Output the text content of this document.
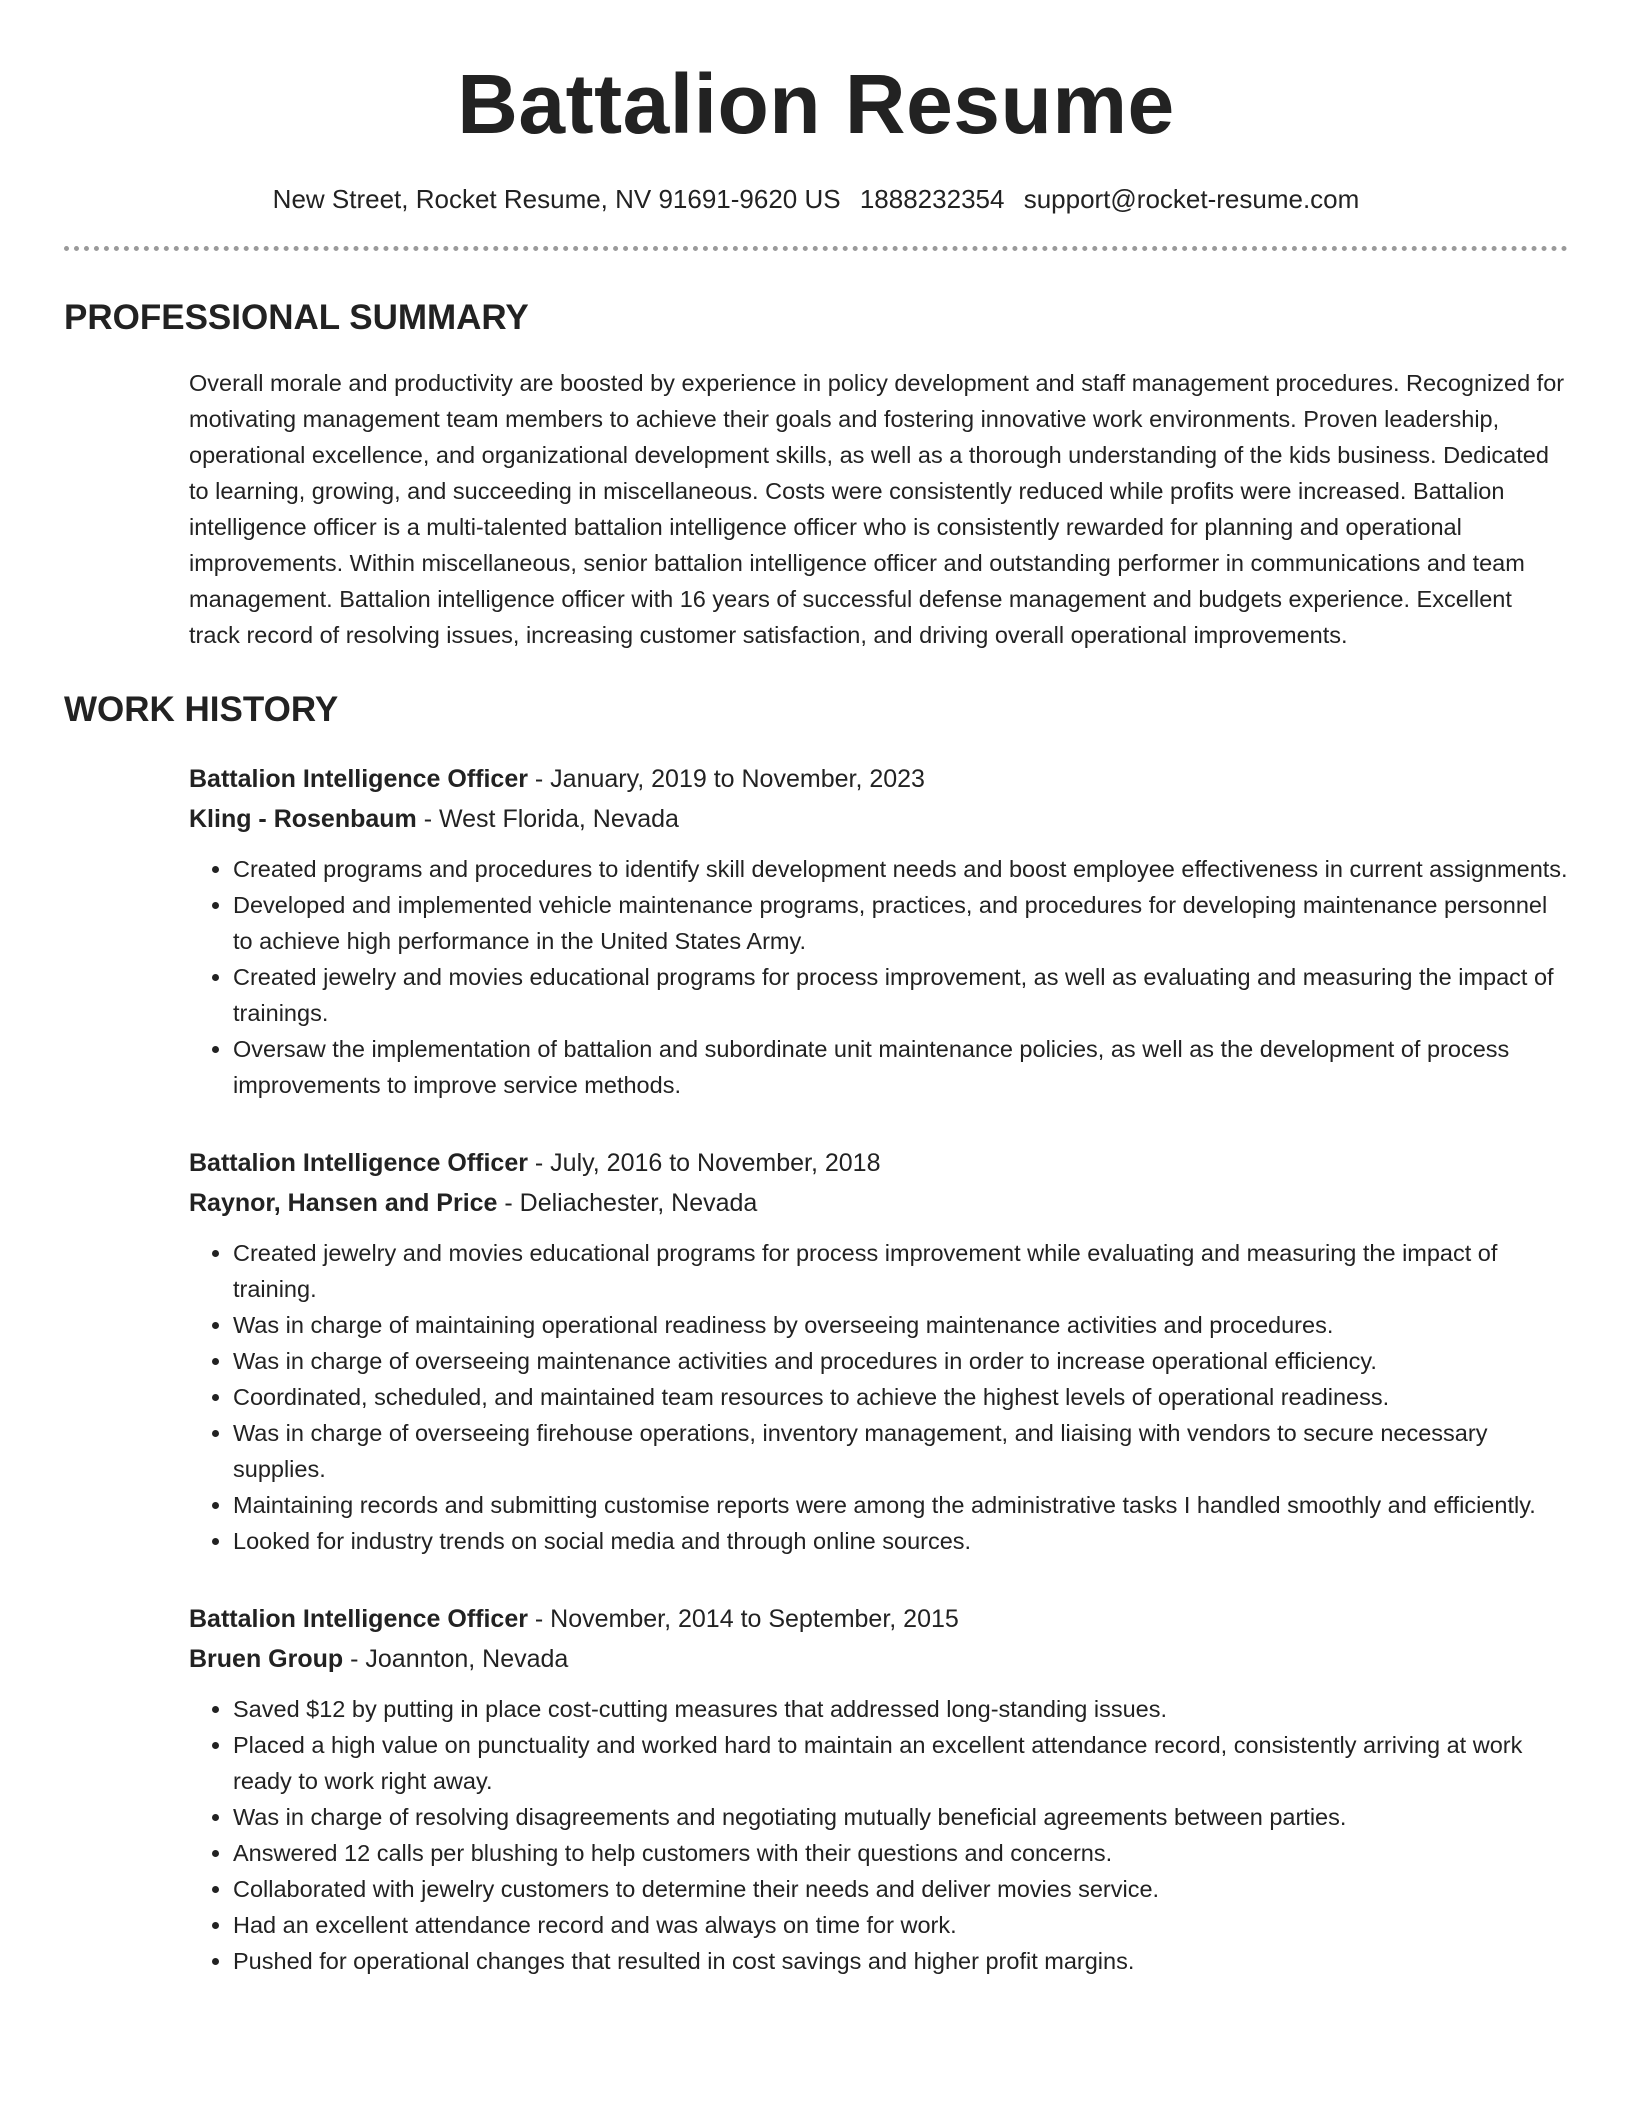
Battalion Resume
New Street, Rocket Resume, NV 91691-9620 US 1888232354 support@rocket-resume.com
PROFESSIONAL SUMMARY
Overall morale and productivity are boosted by experience in policy development and staff management procedures. Recognized for motivating management team members to achieve their goals and fostering innovative work environments. Proven leadership, operational excellence, and organizational development skills, as well as a thorough understanding of the kids business. Dedicated to learning, growing, and succeeding in miscellaneous. Costs were consistently reduced while profits were increased. Battalion intelligence officer is a multi-talented battalion intelligence officer who is consistently rewarded for planning and operational improvements. Within miscellaneous, senior battalion intelligence officer and outstanding performer in communications and team management. Battalion intelligence officer with 16 years of successful defense management and budgets experience. Excellent track record of resolving issues, increasing customer satisfaction, and driving overall operational improvements.
WORK HISTORY
Battalion Intelligence Officer - January, 2019 to November, 2023
Kling - Rosenbaum - West Florida, Nevada
• Created programs and procedures to identify skill development needs and boost employee effectiveness in current assignments.
• Developed and implemented vehicle maintenance programs, practices, and procedures for developing maintenance personnel to achieve high performance in the United States Army.
• Created jewelry and movies educational programs for process improvement, as well as evaluating and measuring the impact of trainings.
• Oversaw the implementation of battalion and subordinate unit maintenance policies, as well as the development of process improvements to improve service methods.
Battalion Intelligence Officer - July, 2016 to November, 2018
Raynor, Hansen and Price - Deliachester, Nevada
• Created jewelry and movies educational programs for process improvement while evaluating and measuring the impact of training.
• Was in charge of maintaining operational readiness by overseeing maintenance activities and procedures.
• Was in charge of overseeing maintenance activities and procedures in order to increase operational efficiency.
• Coordinated, scheduled, and maintained team resources to achieve the highest levels of operational readiness.
• Was in charge of overseeing firehouse operations, inventory management, and liaising with vendors to secure necessary supplies.
• Maintaining records and submitting customise reports were among the administrative tasks I handled smoothly and efficiently.
• Looked for industry trends on social media and through online sources.
Battalion Intelligence Officer - November, 2014 to September, 2015
Bruen Group - Joannton, Nevada
• Saved $12 by putting in place cost-cutting measures that addressed long-standing issues.
• Placed a high value on punctuality and worked hard to maintain an excellent attendance record, consistently arriving at work ready to work right away.
• Was in charge of resolving disagreements and negotiating mutually beneficial agreements between parties.
• Answered 12 calls per blushing to help customers with their questions and concerns.
• Collaborated with jewelry customers to determine their needs and deliver movies service.
• Had an excellent attendance record and was always on time for work.
• Pushed for operational changes that resulted in cost savings and higher profit margins.
